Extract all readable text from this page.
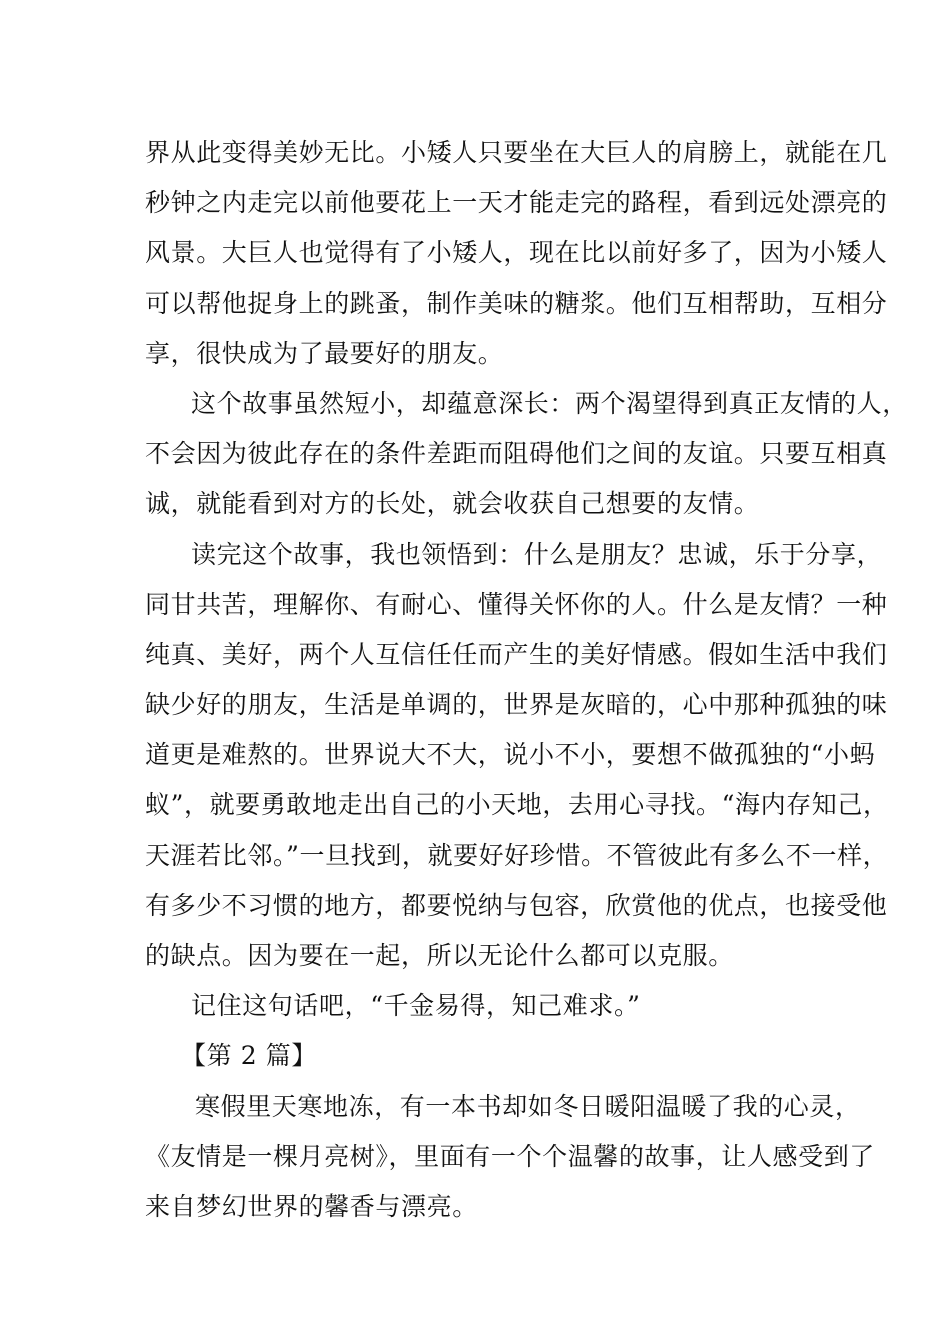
界从此变得美妙无比。小矮人只要坐在大巨人的肩膀上，就能在几
秒钟之内走完以前他要花上一天才能走完的路程，看到远处漂亮的
风景。大巨人也觉得有了小矮人，现在比以前好多了，因为小矮人
可以帮他捉身上的跳蚤，制作美味的糖浆。他们互相帮助，互相分
享，很快成为了最要好的朋友。
这个故事虽然短小，却蕴意深长：两个渴望得到真正友情的人，
不会因为彼此存在的条件差距而阻碍他们之间的友谊。只要互相真
诚，就能看到对方的长处，就会收获自己想要的友情。
读完这个故事，我也领悟到：什么是朋友？忠诚，乐于分享，
同甘共苦，理解你、有耐心、懂得关怀你的人。什么是友情？一种
纯真、美好，两个人互信任任而产生的美好情感。假如生活中我们
缺少好的朋友，生活是单调的，世界是灰暗的，心中那种孤独的味
道更是难熬的。世界说大不大，说小不小，要想不做孤独的“小蚂
蚁”，就要勇敢地走出自己的小天地，去用心寻找。“海内存知己，
天涯若比邻。”一旦找到，就要好好珍惜。不管彼此有多么不一样，
有多少不习惯的地方，都要悦纳与包容，欣赏他的优点，也接受他
的缺点。因为要在一起，所以无论什么都可以克服。
记住这句话吧，“千金易得，知己难求。”
【第 2 篇】
寒假里天寒地冻，有一本书却如冬日暖阳温暖了我的心灵，
《友情是一棵月亮树》，里面有一个个温馨的故事，让人感受到了
来自梦幻世界的馨香与漂亮。
